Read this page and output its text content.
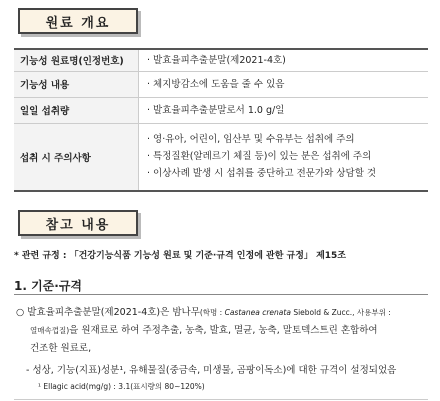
원료 개요
기능성 원료명(인정번호)	· 발효율피추출분말(제2021-4호)

기능성 내용	· 체지방감소에 도움을 줄 수 있음

일일 섭취량	· 발효율피추출분말로서 1.0 g/일

섭취 시 주의사항	· 영·유아, 어린이, 임산부 및 수유부는 섭취에 주의
· 특정질환(알레르기 체질 등)이 있는 분은 섭취에 주의
· 이상사례 발생 시 섭취를 중단하고 전문가와 상담할 것
참고 내용
* 관련 규정 : 「건강기능식품 기능성 원료 및 기준·규격 인정에 관한 규정」 제15조
1. 기준·규격
○ 발효율피추출분말(제2021-4호)은 밤나무(학명 : Castanea crenata Siebold & Zucc., 사용부위 :
열매속껍질)을 원재료로 하여 주정추출, 농축, 발효, 멸균, 농축, 말토덱스트린 혼합하여
건조한 원료로,
- 성상, 기능(지표)성분¹, 유해물질(중금속, 미생물, 곰팡이독소)에 대한 규격이 설정되었음
¹ Ellagic acid(mg/g) : 3.1(표시량의 80~120%)
